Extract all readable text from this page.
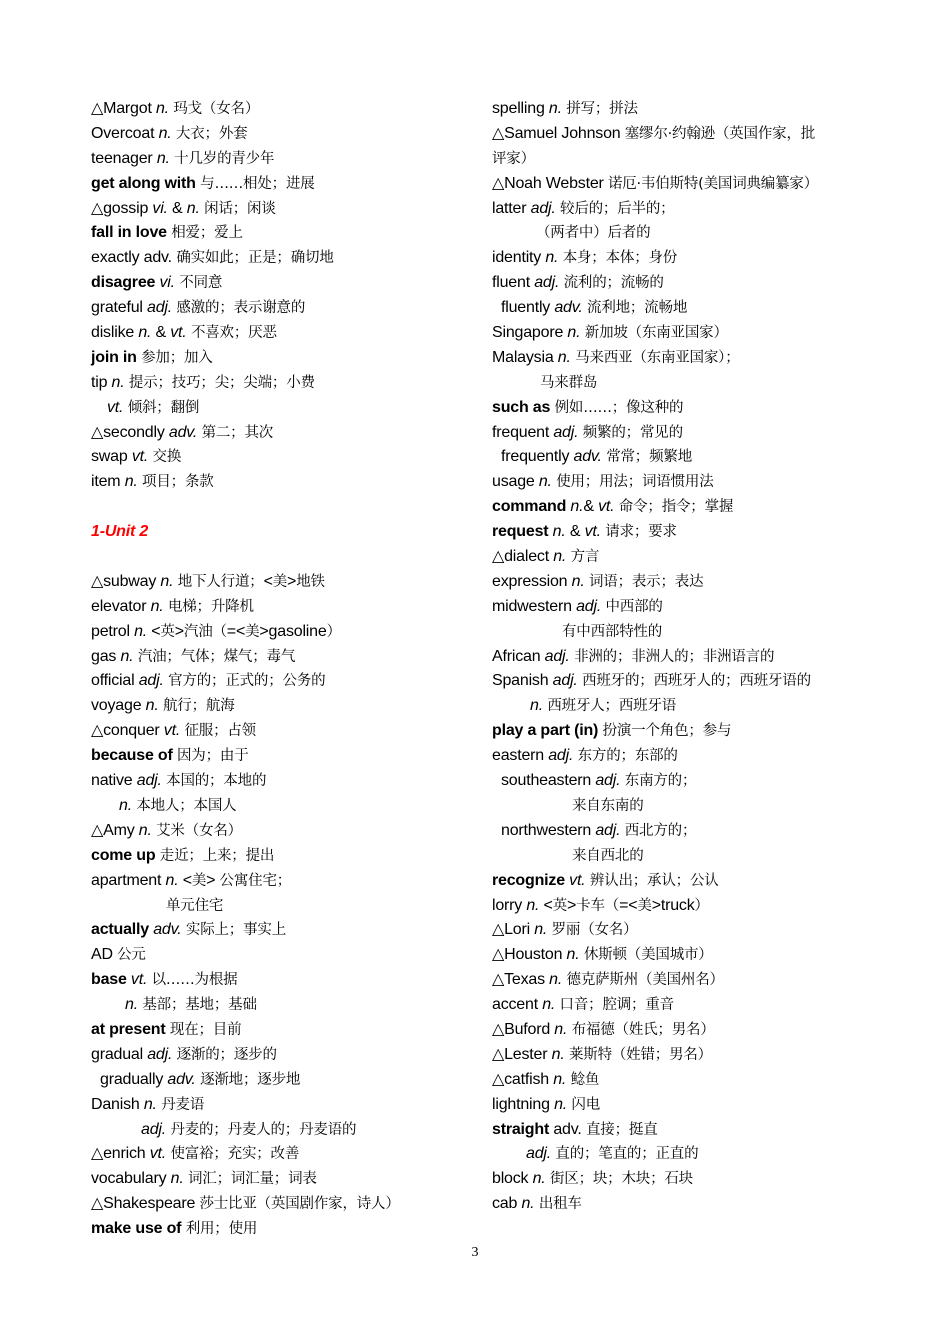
△Margot n. 玛戈（女名）
Overcoat n. 大衣；外套
teenager n. 十几岁的青少年
get along with 与……相处；进展
△gossip vi. & n. 闲话；闲谈
fall in love 相爱；爱上
exactly adv. 确实如此；正是；确切地
disagree vi. 不同意
grateful adj. 感激的；表示谢意的
dislike n. & vt. 不喜欢；厌恶
join in 参加；加入
tip n. 提示；技巧；尖；尖端；小费
vt. 倾斜；翻倒
△secondly adv. 第二；其次
swap vt. 交换
item n. 项目；条款
1-Unit 2
△subway n. 地下人行道；<美>地铁
elevator n. 电梯；升降机
petrol n. <英>汽油（=<美>gasoline）
gas n. 汽油；气体；煤气；毒气
official adj. 官方的；正式的；公务的
voyage n. 航行；航海
△conquer vt. 征服；占领
because of 因为；由于
native adj. 本国的；本地的
n. 本地人；本国人
△Amy n. 艾米（女名）
come up 走近；上来；提出
apartment n. <美> 公寓住宅；
单元住宅
actually adv. 实际上；事实上
AD 公元
base vt. 以……为根据
n. 基部；基地；基础
at present 现在；目前
gradual adj. 逐渐的；逐步的
gradually adv. 逐渐地；逐步地
Danish n. 丹麦语
adj. 丹麦的；丹麦人的；丹麦语的
△enrich vt. 使富裕；充实；改善
vocabulary n. 词汇；词汇量；词表
△Shakespeare 莎士比亚（英国剧作家，诗人）
make use of 利用；使用
spelling n. 拼写；拼法
△Samuel Johnson 塞缪尔·约翰逊（英国作家，批
评家）
△Noah Webster 诺厄·韦伯斯特(美国词典编纂家）
latter adj. 较后的；后半的；
（两者中）后者的
identity n. 本身；本体；身份
fluent adj. 流利的；流畅的
fluently adv. 流利地；流畅地
Singapore n. 新加坡（东南亚国家）
Malaysia n. 马来西亚（东南亚国家）；
马来群岛
such as 例如……；像这种的
frequent adj. 频繁的；常见的
frequently adv. 常常；频繁地
usage n. 使用；用法；词语惯用法
command n.& vt. 命令；指令；掌握
request n. & vt. 请求；要求
△dialect n. 方言
expression n. 词语；表示；表达
midwestern adj. 中西部的
有中西部特性的
African adj. 非洲的；非洲人的；非洲语言的
Spanish adj. 西班牙的；西班牙人的；西班牙语的
n. 西班牙人；西班牙语
play a part (in) 扮演一个角色；参与
eastern adj. 东方的；东部的
southeastern adj. 东南方的；
来自东南的
northwestern adj. 西北方的；
来自西北的
recognize vt. 辨认出；承认；公认
lorry n. <英>卡车（=<美>truck）
△Lori n. 罗丽（女名）
△Houston n. 休斯顿（美国城市）
△Texas n. 德克萨斯州（美国州名）
accent n. 口音；腔调；重音
△Buford n. 布福德（姓氏；男名）
△Lester n. 莱斯特（姓错；男名）
△catfish n. 鲶鱼
lightning n. 闪电
straight adv. 直接；挺直
adj. 直的；笔直的；正直的
block n. 街区；块；木块；石块
cab n. 出租车
3
